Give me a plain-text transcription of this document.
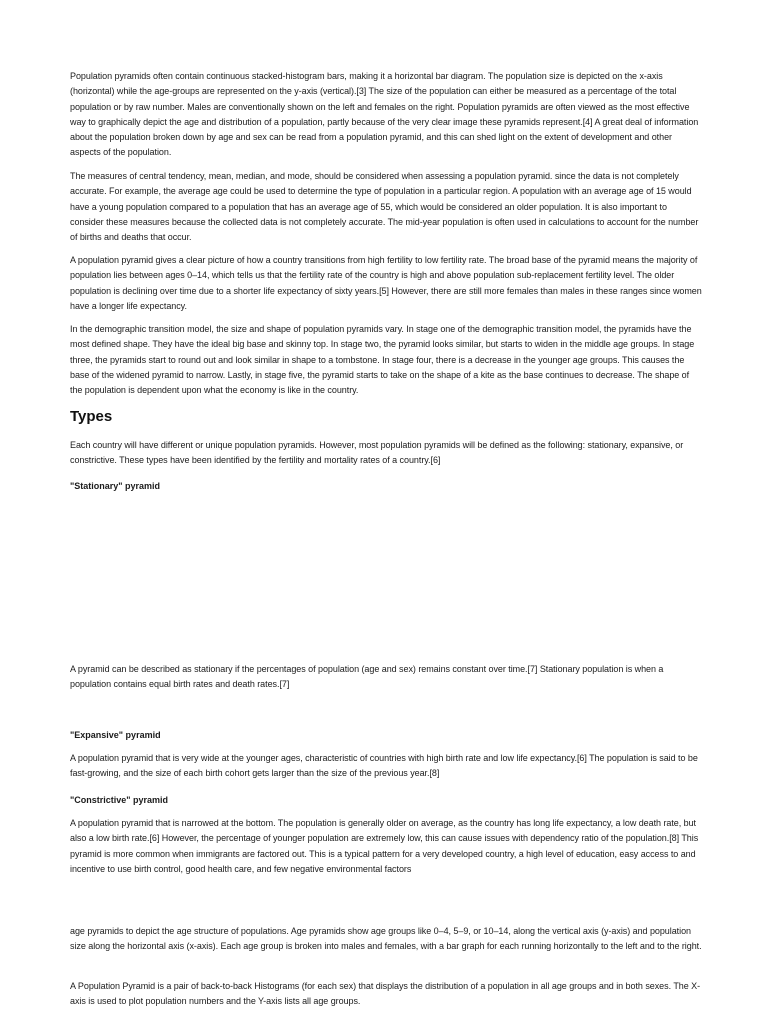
Population pyramids often contain continuous stacked-histogram bars, making it a horizontal bar diagram. The population size is depicted on the x-axis (horizontal) while the age-groups are represented on the y-axis (vertical).[3] The size of the population can either be measured as a percentage of the total population or by raw number. Males are conventionally shown on the left and females on the right. Population pyramids are often viewed as the most effective way to graphically depict the age and distribution of a population, partly because of the very clear image these pyramids represent.[4] A great deal of information about the population broken down by age and sex can be read from a population pyramid, and this can shed light on the extent of development and other aspects of the population.

The measures of central tendency, mean, median, and mode, should be considered when assessing a population pyramid. since the data is not completely accurate. For example, the average age could be used to determine the type of population in a particular region. A population with an average age of 15 would have a young population compared to a population that has an average age of 55, which would be considered an older population. It is also important to consider these measures because the collected data is not completely accurate. The mid-year population is often used in calculations to account for the number of births and deaths that occur.

A population pyramid gives a clear picture of how a country transitions from high fertility to low fertility rate. The broad base of the pyramid means the majority of population lies between ages 0–14, which tells us that the fertility rate of the country is high and above population sub-replacement fertility level. The older population is declining over time due to a shorter life expectancy of sixty years.[5] However, there are still more females than males in these ranges since women have a longer life expectancy.

In the demographic transition model, the size and shape of population pyramids vary. In stage one of the demographic transition model, the pyramids have the most defined shape. They have the ideal big base and skinny top. In stage two, the pyramid looks similar, but starts to widen in the middle age groups. In stage three, the pyramids start to round out and look similar in shape to a tombstone. In stage four, there is a decrease in the younger age groups. This causes the base of the widened pyramid to narrow. Lastly, in stage five, the pyramid starts to take on the shape of a kite as the base continues to decrease. The shape of the population is dependent upon what the economy is like in the country.

Types

Each country will have different or unique population pyramids. However, most population pyramids will be defined as the following: stationary, expansive, or constrictive. These types have been identified by the fertility and mortality rates of a country.[6]

"Stationary" pyramid

A pyramid can be described as stationary if the percentages of population (age and sex) remains constant over time.[7] Stationary population is when a population contains equal birth rates and death rates.[7]

"Expansive" pyramid

A population pyramid that is very wide at the younger ages, characteristic of countries with high birth rate and low life expectancy.[6] The population is said to be fast-growing, and the size of each birth cohort gets larger than the size of the previous year.[8]

"Constrictive" pyramid

A population pyramid that is narrowed at the bottom. The population is generally older on average, as the country has long life expectancy, a low death rate, but also a low birth rate.[6] However, the percentage of younger population are extremely low, this can cause issues with dependency ratio of the population.[8] This pyramid is more common when immigrants are factored out. This is a typical pattern for a very developed country, a high level of education, easy access to and incentive to use birth control, good health care, and few negative environmental factors

age pyramids to depict the age structure of populations. Age pyramids show age groups like 0–4, 5–9, or 10–14, along the vertical axis (y-axis) and population size along the horizontal axis (x-axis). Each age group is broken into males and females, with a bar graph for each running horizontally to the left and to the right.

A Population Pyramid is a pair of back-to-back Histograms (for each sex) that displays the distribution of a population in all age groups and in both sexes. The X-axis is used to plot population numbers and the Y-axis lists all age groups.
